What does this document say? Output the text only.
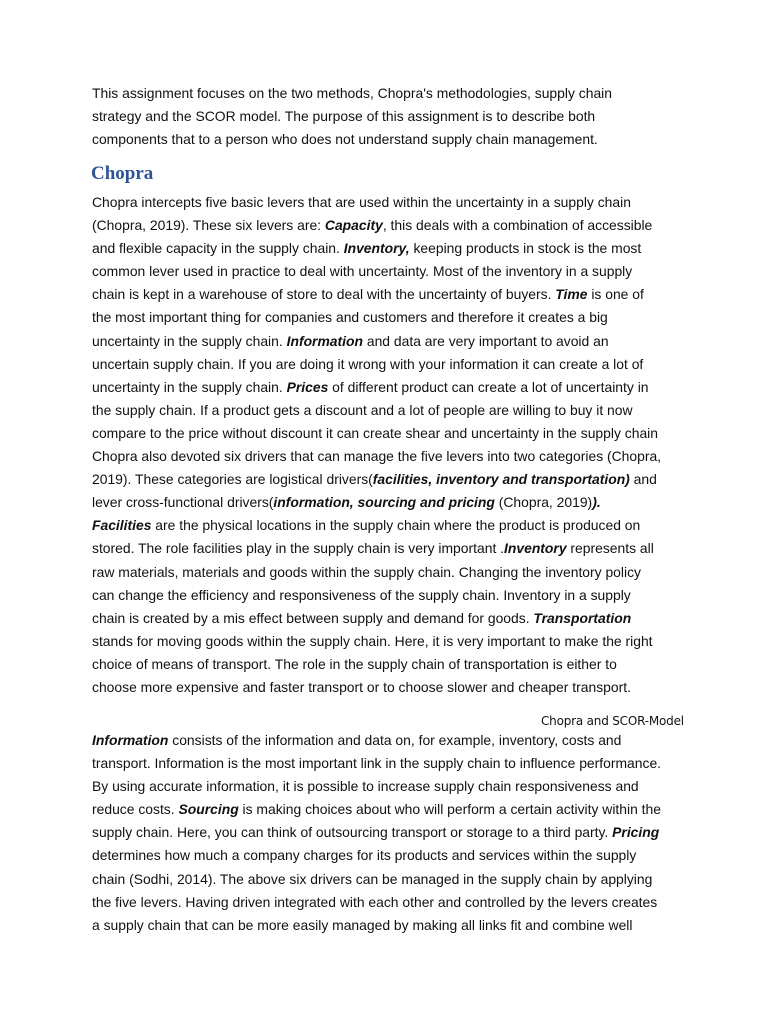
This assignment focuses on the two methods, Chopra's methodologies, supply chain
strategy and the SCOR model. The purpose of this assignment is to describe both
components that to a person who does not understand supply chain management.
Chopra
Chopra intercepts five basic levers that are used within the uncertainty in a supply chain
(Chopra, 2019). These six levers are: Capacity, this deals with a combination of accessible
and flexible capacity in the supply chain. Inventory, keeping products in stock is the most
common lever used in practice to deal with uncertainty. Most of the inventory in a supply
chain is kept in a warehouse of store to deal with the uncertainty of buyers. Time is one of
the most important thing for companies and customers and therefore it creates a big
uncertainty in the supply chain. Information and data are very important to avoid an
uncertain supply chain. If you are doing it wrong with your information it can create a lot of
uncertainty in the supply chain. Prices of different product can create a lot of uncertainty in
the supply chain. If a product gets a discount and a lot of people are willing to buy it now
compare to the price without discount it can create shear and uncertainty in the supply chain
Chopra also devoted six drivers that can manage the five levers into two categories (Chopra,
2019). These categories are logistical drivers(facilities, inventory and transportation) and
lever cross-functional drivers(information, sourcing and pricing (Chopra, 2019)).
Facilities are the physical locations in the supply chain where the product is produced on
stored. The role facilities play in the supply chain is very important .Inventory represents all
raw materials, materials and goods within the supply chain. Changing the inventory policy
can change the efficiency and responsiveness of the supply chain. Inventory in a supply
chain is created by a mis effect between supply and demand for goods. Transportation
stands for moving goods within the supply chain. Here, it is very important to make the right
choice of means of transport. The role in the supply chain of transportation is either to
choose more expensive and faster transport or to choose slower and cheaper transport.
Chopra and SCOR-Model
Information consists of the information and data on, for example, inventory, costs and
transport. Information is the most important link in the supply chain to influence performance.
By using accurate information, it is possible to increase supply chain responsiveness and
reduce costs. Sourcing is making choices about who will perform a certain activity within the
supply chain. Here, you can think of outsourcing transport or storage to a third party. Pricing
determines how much a company charges for its products and services within the supply
chain (Sodhi, 2014). The above six drivers can be managed in the supply chain by applying
the five levers. Having driven integrated with each other and controlled by the levers creates
a supply chain that can be more easily managed by making all links fit and combine well
